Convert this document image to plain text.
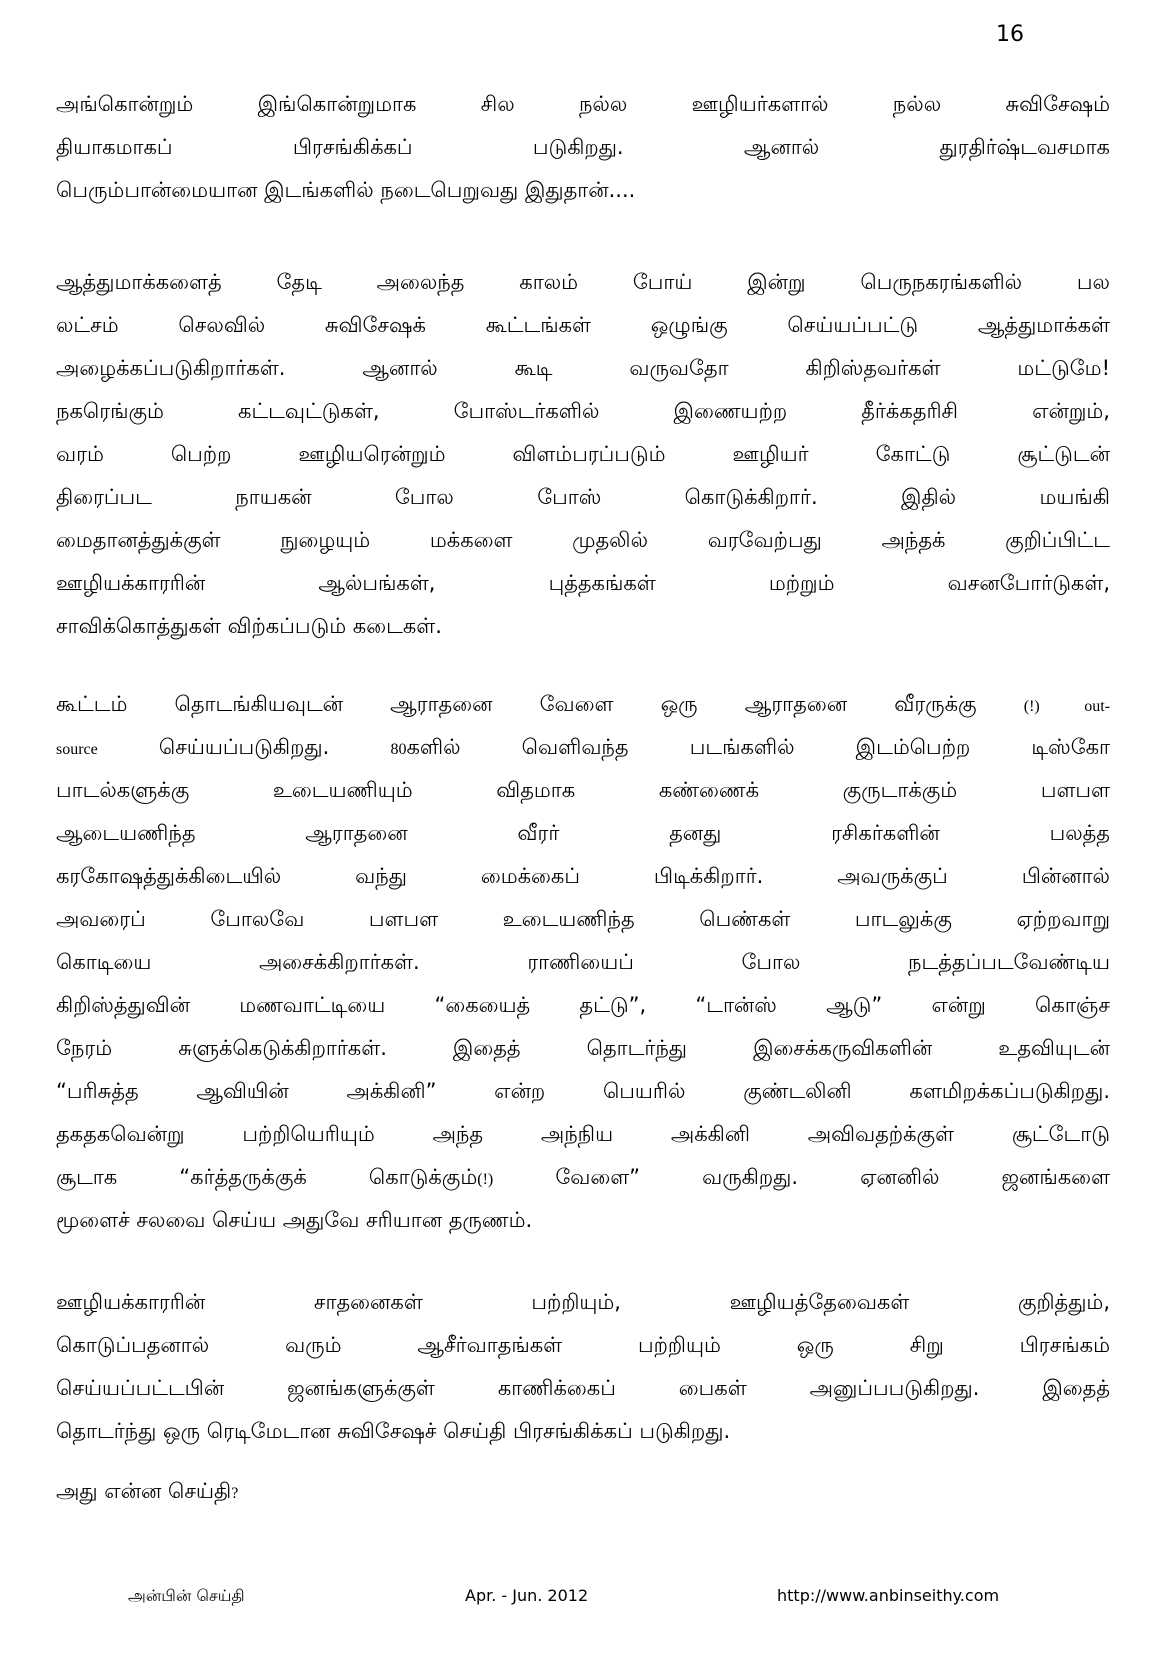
16
அங்கொன்றும் இங்கொன்றுமாக சில நல்ல ஊழியர்களால் நல்ல சுவிசேஷம்
தியாகமாகப் பிரசங்கிக்கப் படுகிறது. ஆனால் துரதிர்ஷ்டவசமாக
பெரும்பான்மையான இடங்களில் நடைபெறுவது இதுதான்....
ஆத்துமாக்களைத் தேடி அலைந்த காலம் போய் இன்று பெருநகரங்களில் பல
லட்சம் செலவில் சுவிசேஷக் கூட்டங்கள் ஒழுங்கு செய்யப்பட்டு ஆத்துமாக்கள்
அழைக்கப்படுகிறார்கள். ஆனால் கூடி வருவதோ கிறிஸ்தவர்கள் மட்டுமே!
நகரெங்கும் கட்டவுட்டுகள், போஸ்டர்களில் இணையற்ற தீர்க்கதரிசி என்றும்,
வரம் பெற்ற ஊழியரென்றும் விளம்பரப்படும் ஊழியர் கோட்டு சூட்டுடன்
திரைப்பட நாயகன் போல போஸ் கொடுக்கிறார். இதில் மயங்கி
மைதானத்துக்குள் நுழையும் மக்களை முதலில் வரவேற்பது அந்தக் குறிப்பிட்ட
ஊழியக்காரரின் ஆல்பங்கள், புத்தகங்கள் மற்றும் வசனபோர்டுகள்,
சாவிக்கொத்துகள் விற்கப்படும் கடைகள்.
கூட்டம் தொடங்கியவுடன் ஆராதனை வேளை ஒரு ஆராதனை வீரருக்கு	(!) out-
source	செய்யப்படுகிறது.	80களில் வெளிவந்த படங்களில் இடம்பெற்ற டிஸ்கோ
பாடல்களுக்கு உடையணியும் விதமாக கண்ணைக் குருடாக்கும் பளபள
ஆடையணிந்த ஆராதனை வீரர் தனது ரசிகர்களின் பலத்த
கரகோஷத்துக்கிடையில் வந்து மைக்கைப் பிடிக்கிறார். அவருக்குப் பின்னால்
அவரைப் போலவே பளபள உடையணிந்த பெண்கள் பாடலுக்கு ஏற்றவாறு
கொடியை அசைக்கிறார்கள். ராணியைப் போல நடத்தப்படவேண்டிய
கிறிஸ்த்துவின் மணவாட்டியை “கையைத் தட்டு”, “டான்ஸ் ஆடு” என்று கொஞ்ச
நேரம் சுளுக்கெடுக்கிறார்கள். இதைத் தொடர்ந்து இசைக்கருவிகளின் உதவியுடன்
“பரிசுத்த ஆவியின் அக்கினி” என்ற பெயரில் குண்டலினி களமிறக்கப்படுகிறது.
தகதகவென்று பற்றியெரியும் அந்த அந்நிய அக்கினி அவிவதற்க்குள் சூட்டோடு
சூடாக “கர்த்தருக்குக் கொடுக்கும்(!) வேளை” வருகிறது. ஏனனில் ஜனங்களை
மூளைச் சலவை செய்ய அதுவே சரியான தருணம்.
ஊழியக்காரரின் சாதனைகள் பற்றியும், ஊழியத்தேவைகள் குறித்தும்,
கொடுப்பதனால் வரும் ஆசீர்வாதங்கள் பற்றியும் ஒரு சிறு பிரசங்கம்
செய்யப்பட்டபின் ஜனங்களுக்குள் காணிக்கைப் பைகள் அனுப்பபடுகிறது. இதைத்
தொடர்ந்து ஒரு ரெடிமேடான சுவிசேஷச் செய்தி பிரசங்கிக்கப் படுகிறது.
அது என்ன செய்தி?
அன்பின் செய்தி	Apr. - Jun. 2012	http://www.anbinseithy.com
